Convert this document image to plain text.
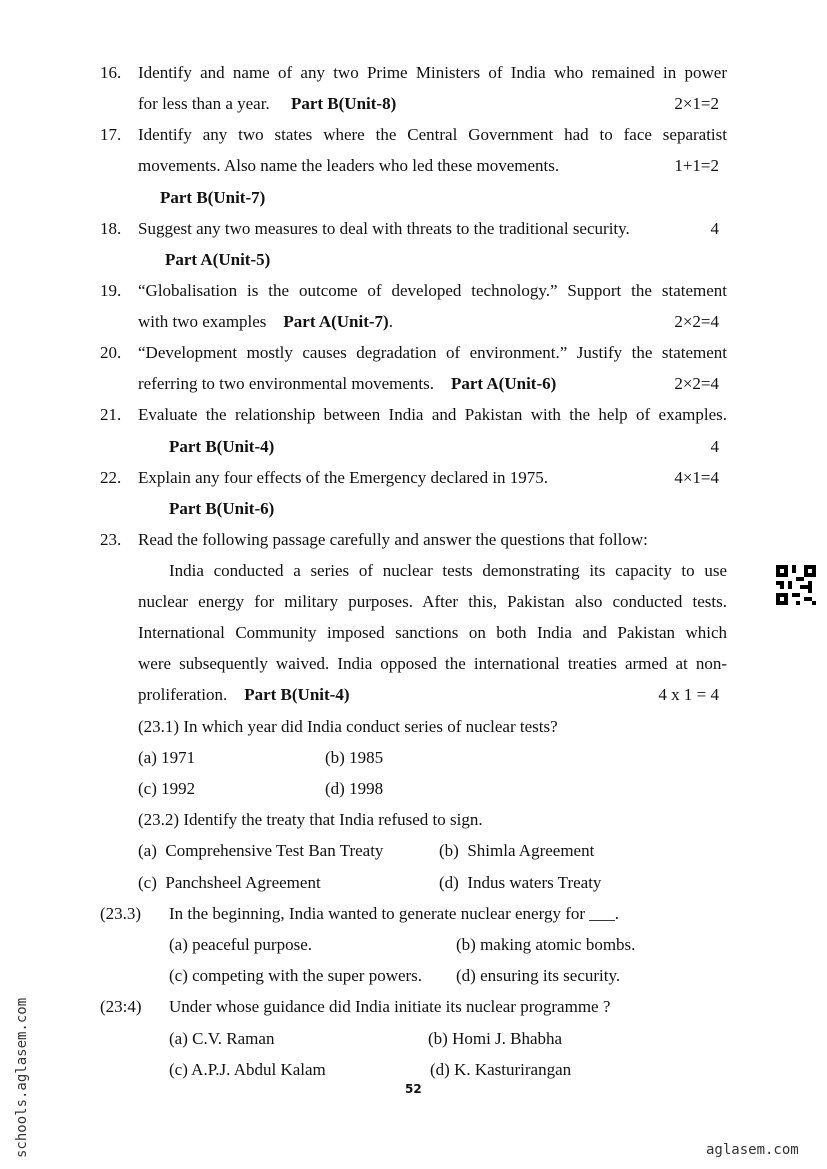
16. Identify and name of any two Prime Ministers of India who remained in power
for less than a year. Part B(Unit-8)	2×1=2
17. Identify any two states where the Central Government had to face separatist
movements. Also name the leaders who led these movements.	1+1=2
Part B(Unit-7)
18. Suggest any two measures to deal with threats to the traditional security.	4
Part A(Unit-5)
19. “Globalisation is the outcome of developed technology.” Support the statement
with two examples Part A(Unit-7).	2×2=4
20. “Development mostly causes degradation of environment.” Justify the statement
referring to two environmental movements. Part A(Unit-6)	2×2=4
21. Evaluate the relationship between India and Pakistan with the help of examples.
Part B(Unit-4)	4
22. Explain any four effects of the Emergency declared in 1975.	4×1=4
Part B(Unit-6)
23. Read the following passage carefully and answer the questions that follow:
India conducted a series of nuclear tests demonstrating its capacity to use
nuclear energy for military purposes. After this, Pakistan also conducted tests.
International Community imposed sanctions on both India and Pakistan which
were subsequently waived. India opposed the international treaties armed at non-
proliferation. Part B(Unit-4)	4 x 1 = 4
(23.1) In which year did India conduct series of nuclear tests?
(a) 1971	(b) 1985
(c) 1992	(d) 1998
(23.2) Identify the treaty that India refused to sign.
(a)  Comprehensive Test Ban Treaty	(b)  Shimla Agreement
(c)  Panchsheel Agreement	(d)  Indus waters Treaty
(23.3) In the beginning, India wanted to generate nuclear energy for ___.
(a) peaceful purpose.	(b) making atomic bombs.
(c) competing with the super powers. (d) ensuring its security.
(23:4) Under whose guidance did India initiate its nuclear programme ?
(a) C.V. Raman	(b) Homi J. Bhabha
(c) A.P.J. Abdul Kalam	(d) K. Kasturirangan
52
schools.aglasem.com	aglasem.com
